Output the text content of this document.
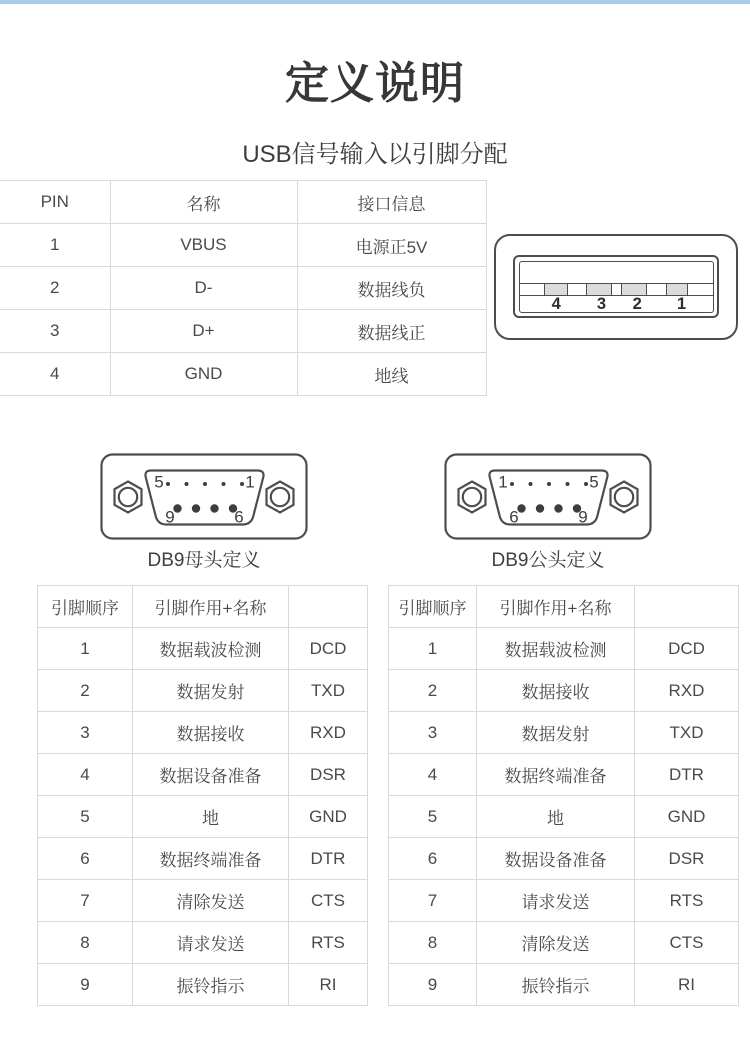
定义说明
USB信号输入以引脚分配
PIN	名称	接口信息
1	VBUS	电源正5V
2	D-	数据线负
3	D+	数据线正
4	GND	地线
4 3 2 1
5	1
9	6
1	5
6	9
DB9母头定义	DB9公头定义
引脚顺序	引脚作用+名称	
1	数据载波检测	DCD
2	数据发射	TXD
3	数据接收	RXD
4	数据设备准备	DSR
5	地	GND
6	数据终端准备	DTR
7	清除发送	CTS
8	请求发送	RTS
9	振铃指示	RI
引脚顺序	引脚作用+名称	
1	数据载波检测	DCD
2	数据接收	RXD
3	数据发射	TXD
4	数据终端准备	DTR
5	地	GND
6	数据设备准备	DSR
7	请求发送	RTS
8	清除发送	CTS
9	振铃指示	RI
